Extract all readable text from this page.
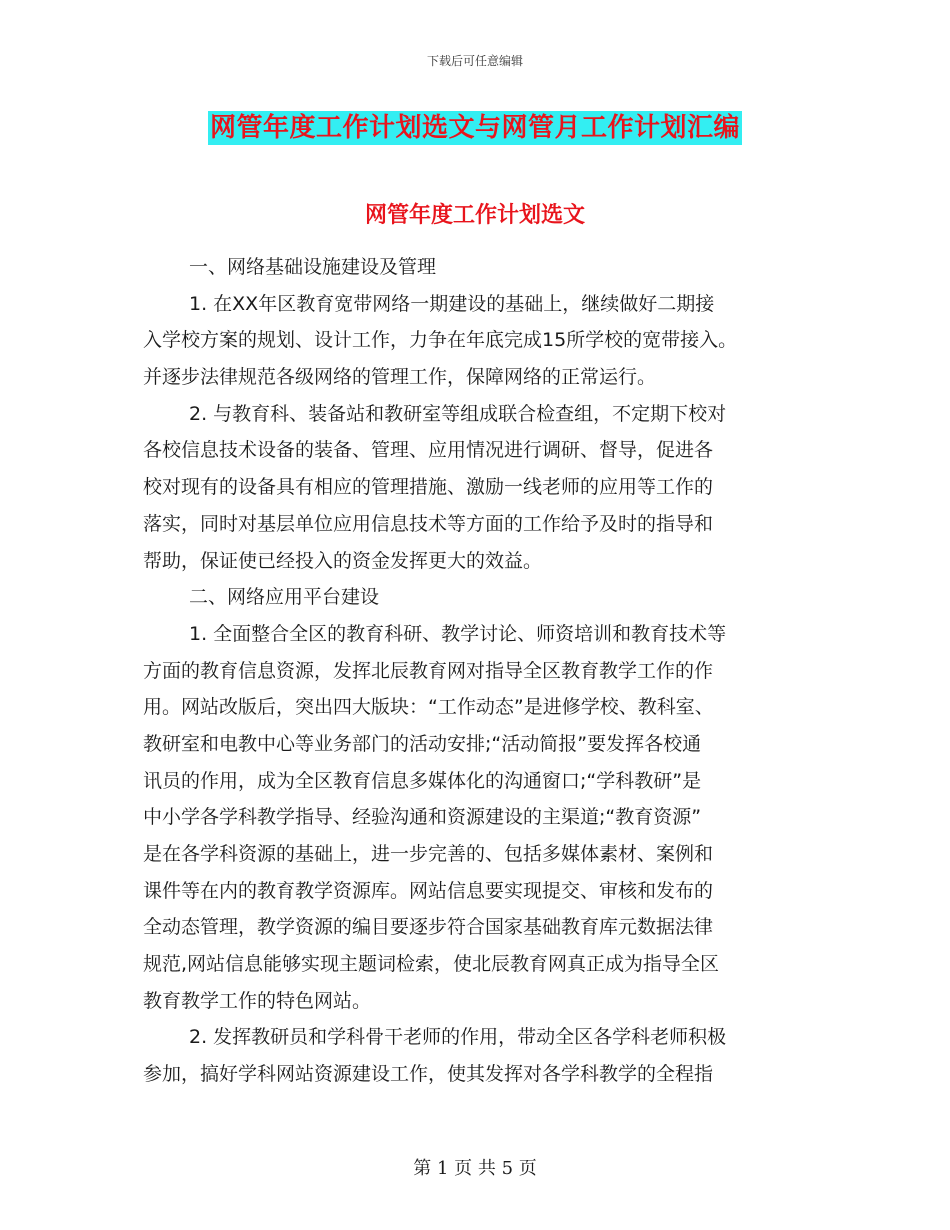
下载后可任意编辑
网管年度工作计划选文与网管月工作计划汇编
网管年度工作计划选文
一、网络基础设施建设及管理
1. 在XX年区教育宽带网络一期建设的基础上，继续做好二期接
入学校方案的规划、设计工作，力争在年底完成15所学校的宽带接入。
并逐步法律规范各级网络的管理工作，保障网络的正常运行。
2. 与教育科、装备站和教研室等组成联合检查组，不定期下校对
各校信息技术设备的装备、管理、应用情况进行调研、督导，促进各
校对现有的设备具有相应的管理措施、激励一线老师的应用等工作的
落实，同时对基层单位应用信息技术等方面的工作给予及时的指导和
帮助，保证使已经投入的资金发挥更大的效益。
二、网络应用平台建设
1. 全面整合全区的教育科研、教学讨论、师资培训和教育技术等
方面的教育信息资源，发挥北辰教育网对指导全区教育教学工作的作
用。网站改版后，突出四大版块：“工作动态”是进修学校、教科室、
教研室和电教中心等业务部门的活动安排;“活动简报”要发挥各校通
讯员的作用，成为全区教育信息多媒体化的沟通窗口;“学科教研”是
中小学各学科教学指导、经验沟通和资源建设的主渠道;“教育资源”
是在各学科资源的基础上，进一步完善的、包括多媒体素材、案例和
课件等在内的教育教学资源库。网站信息要实现提交、审核和发布的
全动态管理，教学资源的编目要逐步符合国家基础教育库元数据法律
规范,网站信息能够实现主题词检索，使北辰教育网真正成为指导全区
教育教学工作的特色网站。
2. 发挥教研员和学科骨干老师的作用，带动全区各学科老师积极
参加，搞好学科网站资源建设工作，使其发挥对各学科教学的全程指
第 1 页 共 5 页
